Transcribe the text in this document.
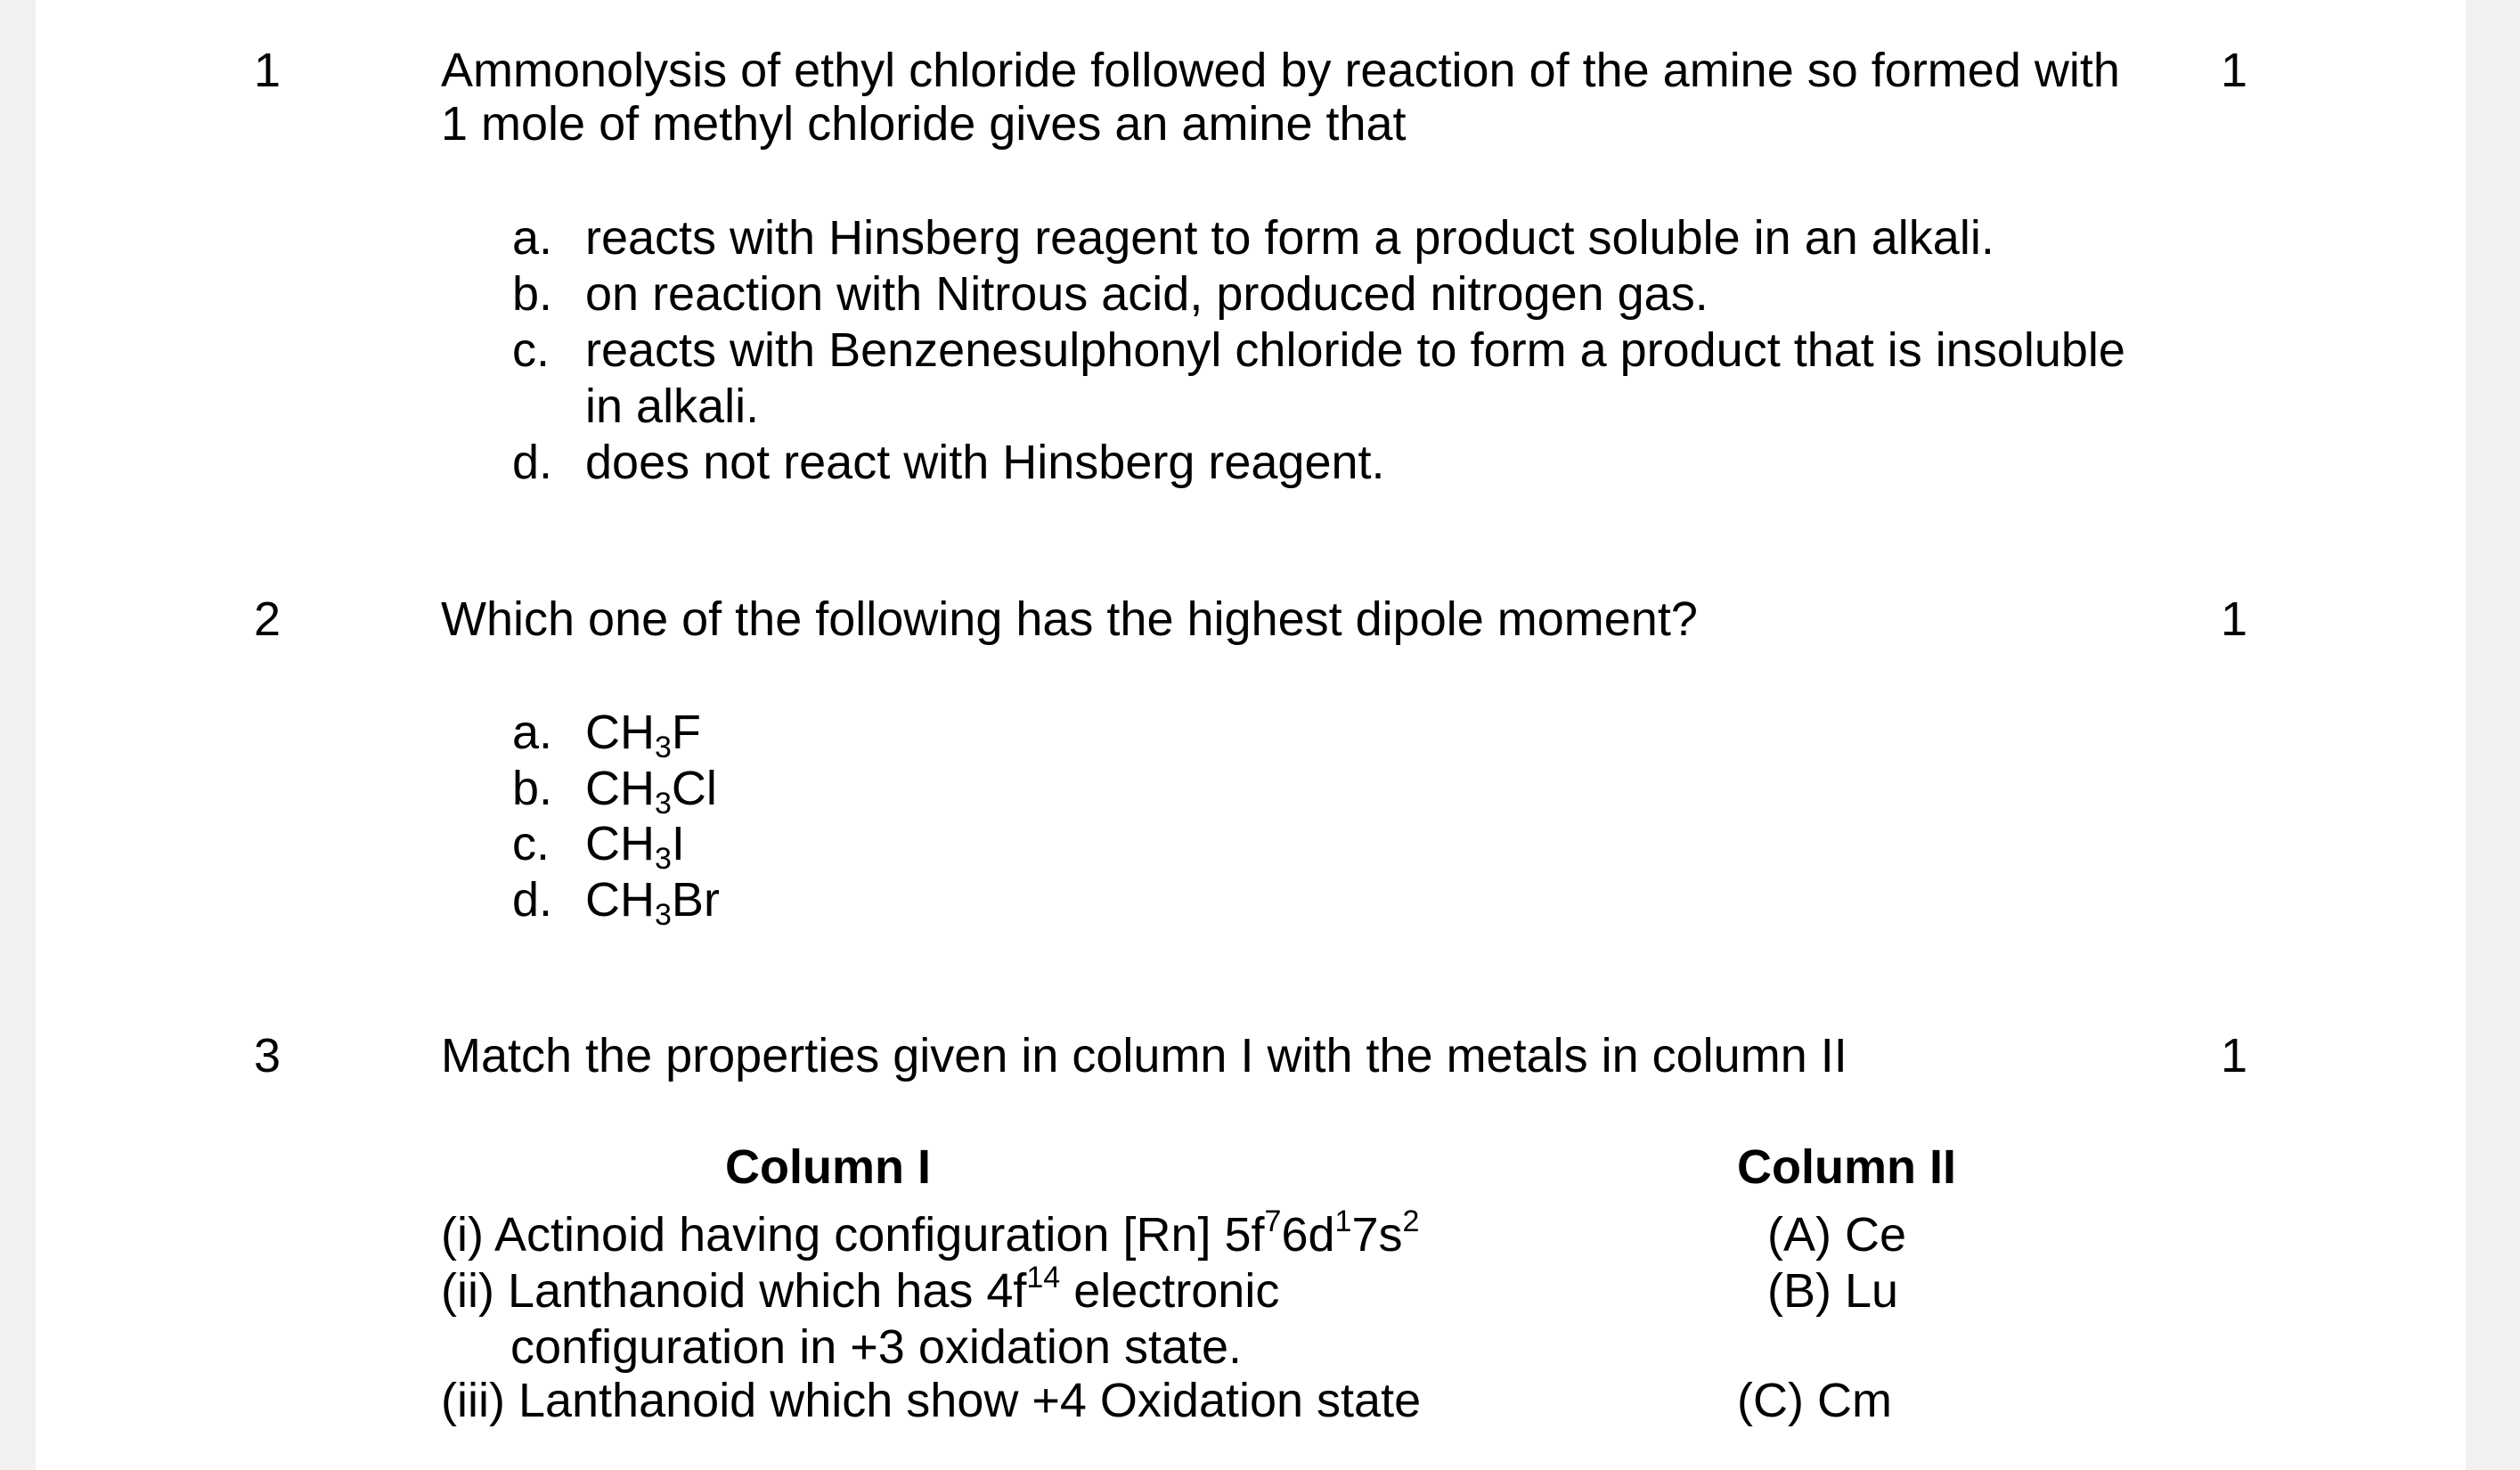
1	1
Ammonolysis of ethyl chloride followed by reaction of the amine so formed with
1 mole of methyl chloride gives an amine that
a. reacts with Hinsberg reagent to form a product soluble in an alkali.
b. on reaction with Nitrous acid, produced nitrogen gas.
c. reacts with Benzenesulphonyl chloride to form a product that is insoluble
in alkali.
d. does not react with Hinsberg reagent.
2	1
Which one of the following has the highest dipole moment?
a. $CH_3F$
b. $CH_3Cl$
c. $CH_3I$
d. $CH_3Br$
3	1
Match the properties given in column I with the metals in column II
Column I	Column II
(i) Actinoid having configuration [Rn] $5f^76d^17s^2$	(A) Ce
(ii) Lanthanoid which has $4f^{14}$ electronic	(B) Lu
configuration in +3 oxidation state.
(iii) Lanthanoid which show +4 Oxidation state	(C) Cm
